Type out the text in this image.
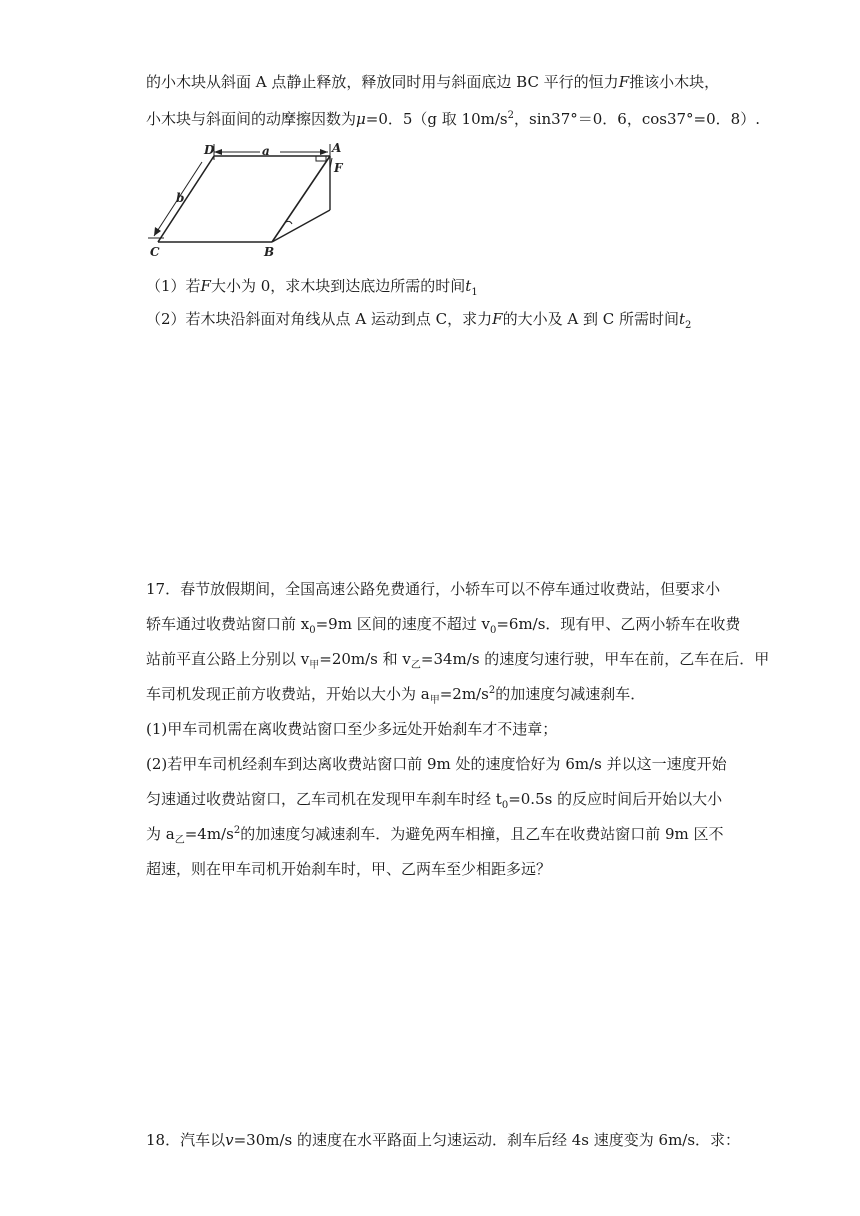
的小木块从斜面 A 点静止释放，释放同时用与斜面底边 BC 平行的恒力F推该小木块，
小木块与斜面间的动摩擦因数为μ=0．5（g 取 $10m/s^2$，sin37°＝0．6，cos37°=0．8）.
D	a	A
F
b
C	B
（1）若F大小为 0，求木块到达底边所需的时间$t_1$
（2）若木块沿斜面对角线从点 A 运动到点 C，求力F的大小及 A 到 C 所需时间$t_2$
17．春节放假期间，全国高速公路免费通行，小轿车可以不停车通过收费站，但要求小
轿车通过收费站窗口前 $x_0=9m$ 区间的速度不超过 $v_0=6m/s$．现有甲、乙两小轿车在收费
站前平直公路上分别以 $v_甲=20m/s$ 和 $v_乙=34m/s$ 的速度匀速行驶，甲车在前，乙车在后．甲
车司机发现正前方收费站，开始以大小为 $a_甲=2m/s^2$的加速度匀减速刹车．
(1)甲车司机需在离收费站窗口至少多远处开始刹车才不违章；
(2)若甲车司机经刹车到达离收费站窗口前 9m 处的速度恰好为 6m/s 并以这一速度开始
匀速通过收费站窗口，乙车司机在发现甲车刹车时经 $t_0=0.5s$ 的反应时间后开始以大小
为 $a_乙=4m/s^2$的加速度匀减速刹车．为避免两车相撞，且乙车在收费站窗口前 9m 区不
超速，则在甲车司机开始刹车时，甲、乙两车至少相距多远？
18．汽车以v=30m/s 的速度在水平路面上匀速运动．刹车后经 4s 速度变为 6m/s．求：
